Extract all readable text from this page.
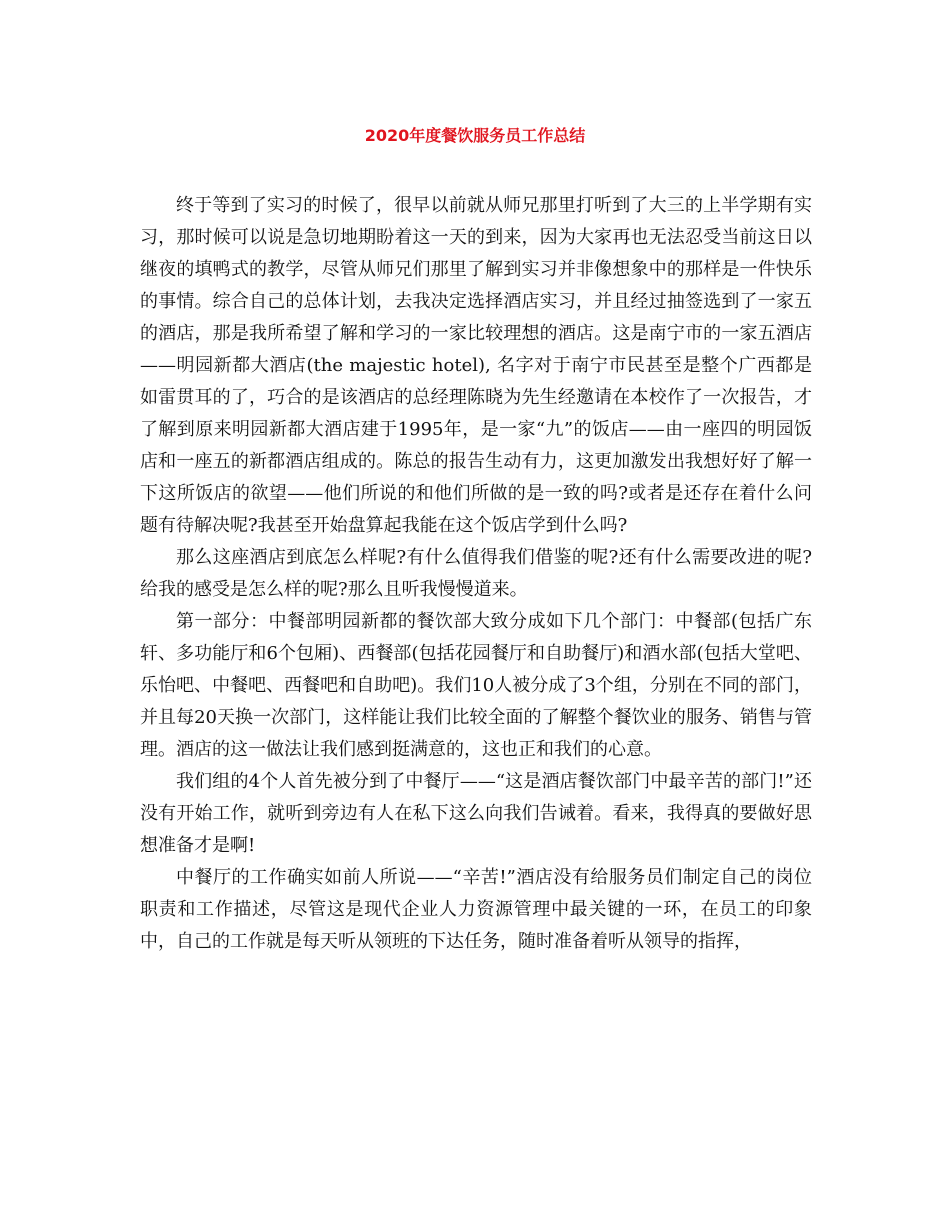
2020年度餐饮服务员工作总结

终于等到了实习的时候了，很早以前就从师兄那里打听到了大三的上半学期有实习，那时候可以说是急切地期盼着这一天的到来，因为大家再也无法忍受当前这日以继夜的填鸭式的教学，尽管从师兄们那里了解到实习并非像想象中的那样是一件快乐的事情。综合自己的总体计划，去我决定选择酒店实习，并且经过抽签选到了一家五的酒店，那是我所希望了解和学习的一家比较理想的酒店。这是南宁市的一家五酒店——明园新都大酒店(the majestic hotel), 名字对于南宁市民甚至是整个广西都是如雷贯耳的了，巧合的是该酒店的总经理陈晓为先生经邀请在本校作了一次报告，才了解到原来明园新都大酒店建于1995年，是一家“九”的饭店——由一座四的明园饭店和一座五的新都酒店组成的。陈总的报告生动有力，这更加激发出我想好好了解一下这所饭店的欲望——他们所说的和他们所做的是一致的吗?或者是还存在着什么问题有待解决呢?我甚至开始盘算起我能在这个饭店学到什么吗?

那么这座酒店到底怎么样呢?有什么值得我们借鉴的呢?还有什么需要改进的呢?给我的感受是怎么样的呢?那么且听我慢慢道来。

第一部分：中餐部明园新都的餐饮部大致分成如下几个部门：中餐部(包括广东轩、多功能厅和6个包厢)、西餐部(包括花园餐厅和自助餐厅)和酒水部(包括大堂吧、乐怡吧、中餐吧、西餐吧和自助吧)。我们10人被分成了3个组，分别在不同的部门，并且每20天换一次部门，这样能让我们比较全面的了解整个餐饮业的服务、销售与管理。酒店的这一做法让我们感到挺满意的，这也正和我们的心意。

我们组的4个人首先被分到了中餐厅——“这是酒店餐饮部门中最辛苦的部门!”还没有开始工作，就听到旁边有人在私下这么向我们告诫着。看来，我得真的要做好思想准备才是啊!

中餐厅的工作确实如前人所说——“辛苦!”酒店没有给服务员们制定自己的岗位职责和工作描述，尽管这是现代企业人力资源管理中最关键的一环，在员工的印象中，自己的工作就是每天听从领班的下达任务，随时准备着听从领导的指挥，
